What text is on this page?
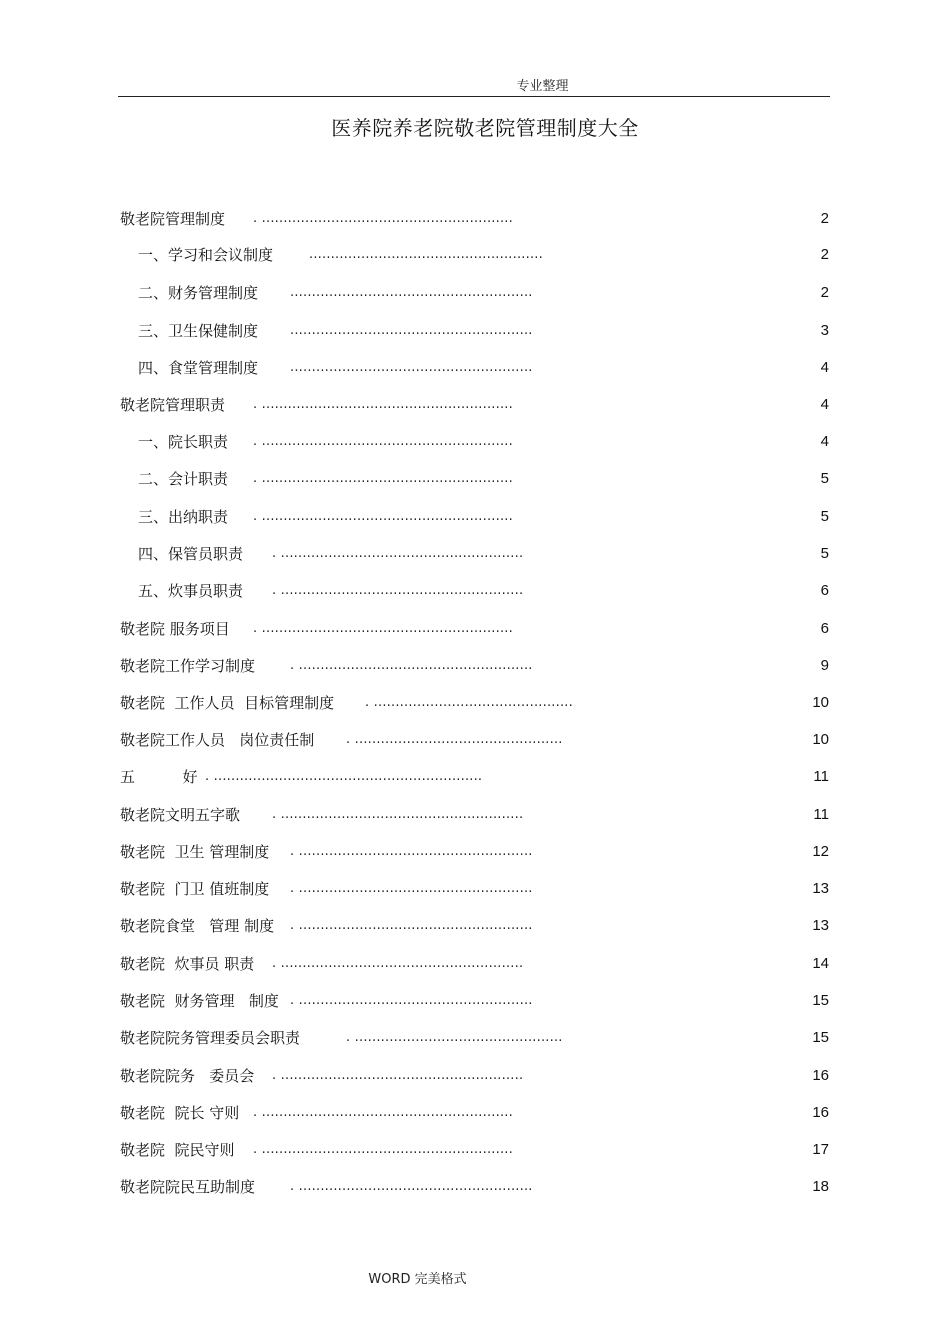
专业整理
医养院养老院敬老院管理制度大全
敬老院管理制度 . ..........................................................	2
一、学习和会议制度	......................................................	2
二、财务管理制度 ........................................................	2
三、卫生保健制度 ........................................................	3
四、食堂管理制度 ........................................................	4
敬老院管理职责 . ..........................................................	4
一、院长职责 . ..........................................................	4
二、会计职责 . ..........................................................	5
三、出纳职责 . ..........................................................	5
四、保管员职责 . ........................................................	5
五、炊事员职责 . ........................................................	6
敬老院 服务项目 . ..........................................................	6
敬老院工作学习制度	. ......................................................	9
敬老院  工作人员  目标管理制度 . ..............................................	10
敬老院工作人员   岗位责任制 . ................................................	10
五          好 . ..............................................................	11
敬老院文明五字歌 . ........................................................	11
敬老院  卫生 管理制度 . ......................................................	12
敬老院  门卫 值班制度 . ......................................................	13
敬老院食堂   管理 制度 . ......................................................	13
敬老院  炊事员 职责 . ........................................................	14
敬老院  财务管理   制度 . ......................................................	15
敬老院院务管理委员会职责	. ................................................	15
敬老院院务   委员会 . ........................................................	16
敬老院  院长 守则 . ..........................................................	16
敬老院  院民守则 . ..........................................................	17
敬老院院民互助制度	. ......................................................	18
WORD 完美格式
